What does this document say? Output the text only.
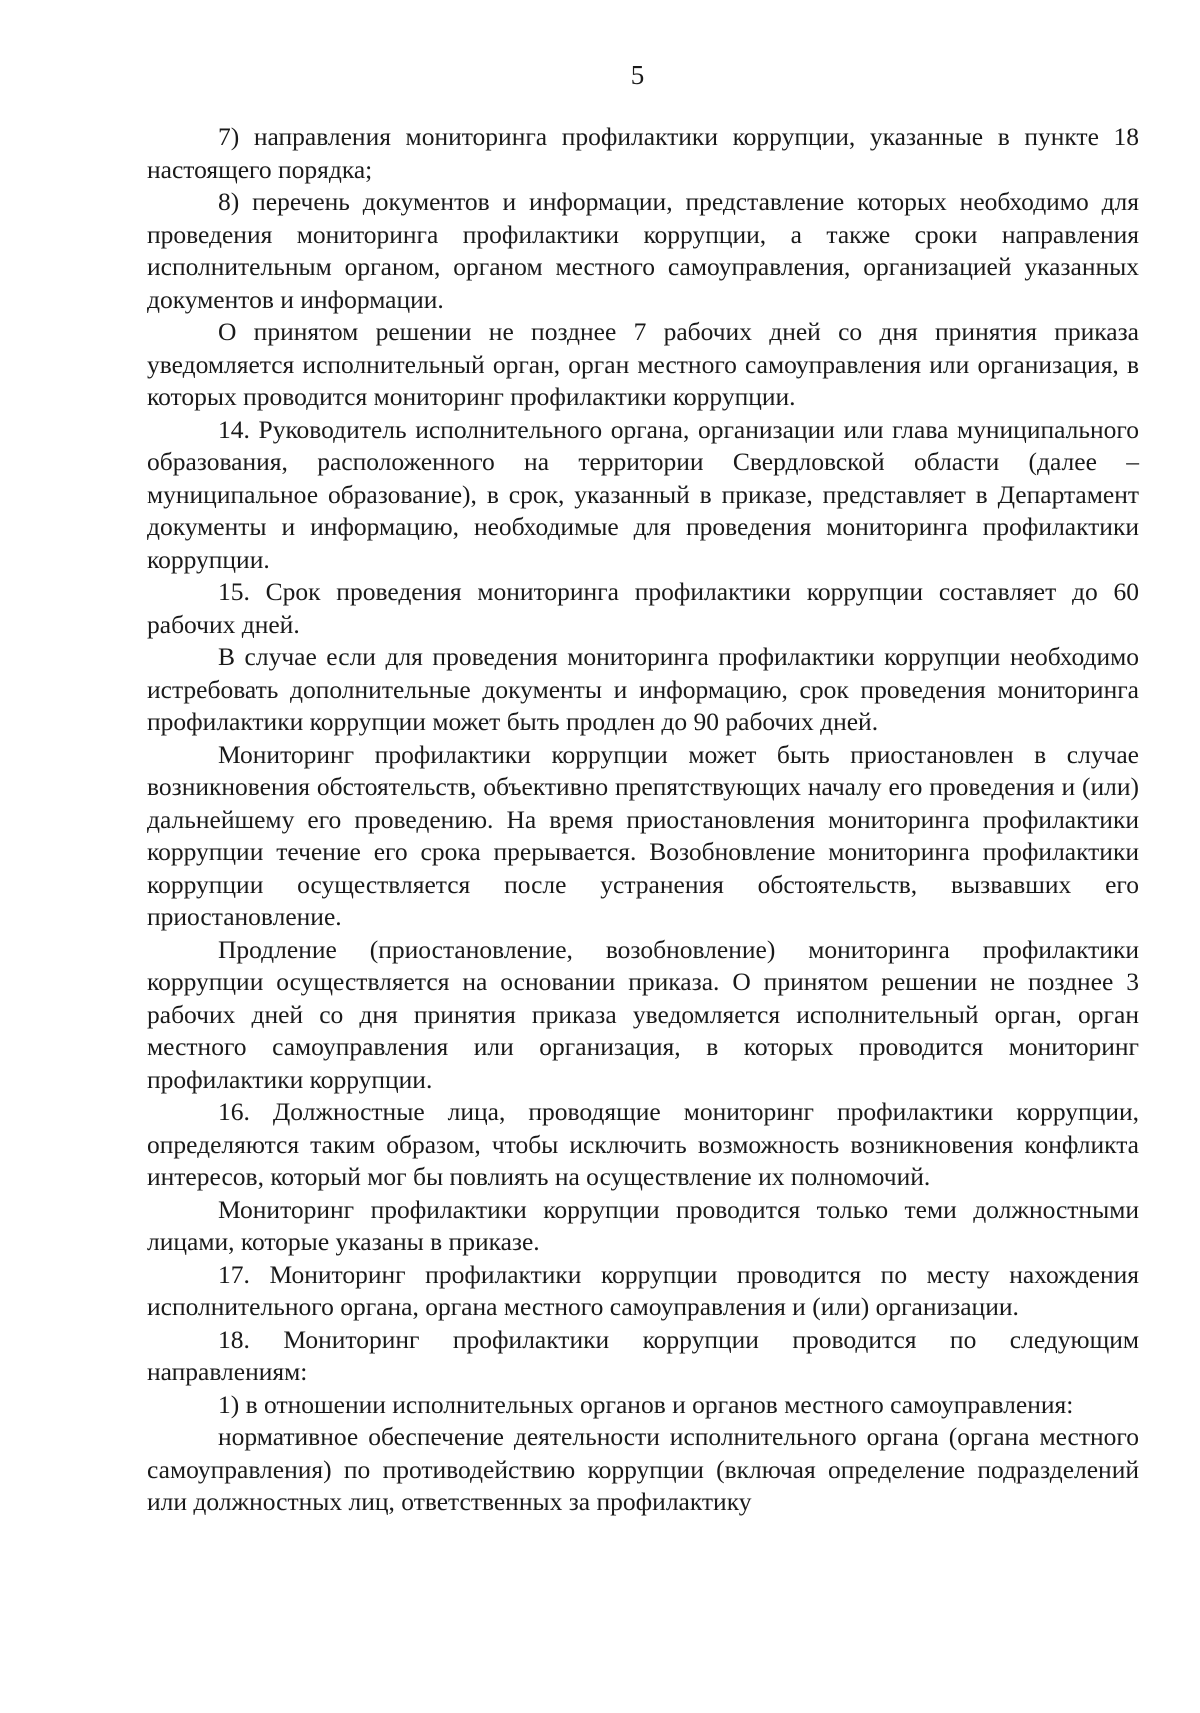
5

7) направления мониторинга профилактики коррупции, указанные в пункте 18 настоящего порядка;

8) перечень документов и информации, представление которых необходимо для проведения мониторинга профилактики коррупции, а также сроки направления исполнительным органом, органом местного самоуправления, организацией указанных документов и информации.

О принятом решении не позднее 7 рабочих дней со дня принятия приказа уведомляется исполнительный орган, орган местного самоуправления или организация, в которых проводится мониторинг профилактики коррупции.

14. Руководитель исполнительного органа, организации или глава муниципального образования, расположенного на территории Свердловской области (далее – муниципальное образование), в срок, указанный в приказе, представляет в Департамент документы и информацию, необходимые для проведения мониторинга профилактики коррупции.

15. Срок проведения мониторинга профилактики коррупции составляет до 60 рабочих дней.

В случае если для проведения мониторинга профилактики коррупции необходимо истребовать дополнительные документы и информацию, срок проведения мониторинга профилактики коррупции может быть продлен до 90 рабочих дней.

Мониторинг профилактики коррупции может быть приостановлен в случае возникновения обстоятельств, объективно препятствующих началу его проведения и (или) дальнейшему его проведению. На время приостановления мониторинга профилактики коррупции течение его срока прерывается. Возобновление мониторинга профилактики коррупции осуществляется после устранения обстоятельств, вызвавших его приостановление.

Продление (приостановление, возобновление) мониторинга профилактики коррупции осуществляется на основании приказа. О принятом решении не позднее 3 рабочих дней со дня принятия приказа уведомляется исполнительный орган, орган местного самоуправления или организация, в которых проводится мониторинг профилактики коррупции.

16. Должностные лица, проводящие мониторинг профилактики коррупции, определяются таким образом, чтобы исключить возможность возникновения конфликта интересов, который мог бы повлиять на осуществление их полномочий.

Мониторинг профилактики коррупции проводится только теми должностными лицами, которые указаны в приказе.

17. Мониторинг профилактики коррупции проводится по месту нахождения исполнительного органа, органа местного самоуправления и (или) организации.

18. Мониторинг профилактики коррупции проводится по следующим направлениям:

1) в отношении исполнительных органов и органов местного самоуправления:

нормативное обеспечение деятельности исполнительного органа (органа местного самоуправления) по противодействию коррупции (включая определение подразделений или должностных лиц, ответственных за профилактику
